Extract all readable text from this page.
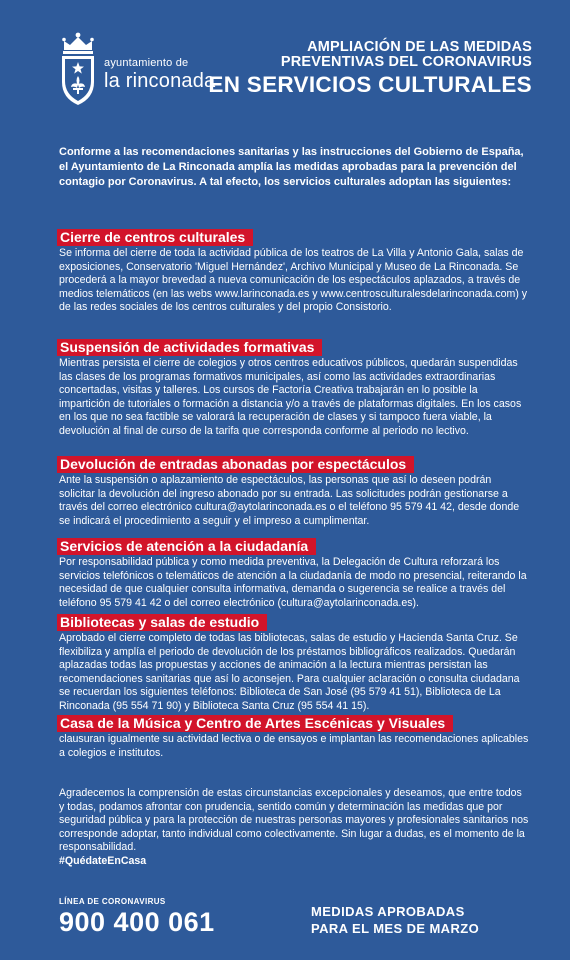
ayuntamiento de
la rinconada
AMPLIACIÓN DE LAS MEDIDAS
PREVENTIVAS DEL CORONAVIRUS
EN SERVICIOS CULTURALES
Conforme a las recomendaciones sanitarias y las instrucciones del Gobierno de España, el Ayuntamiento de La Rinconada amplía las medidas aprobadas para la prevención del contagio por Coronavirus. A tal efecto, los servicios culturales adoptan las siguientes:
Cierre de centros culturales

Se informa del cierre de toda la actividad pública de los teatros de La Villa y Antonio Gala, salas de exposiciones, Conservatorio 'Miguel Hernández', Archivo Municipal y Museo de La Rinconada. Se procederá a la mayor brevedad a nueva comunicación de los espectáculos aplazados, a través de medios telemáticos (en las webs www.larinconada.es y www.centrosculturalesdelarinconada.com) y de las redes sociales de los centros culturales y del propio Consistorio.

Suspensión de actividades formativas

Mientras persista el cierre de colegios y otros centros educativos públicos, quedarán suspendidas las clases de los programas formativos municipales, así como las actividades extraordinarias concertadas, visitas y talleres. Los cursos de Factoría Creativa trabajarán en lo posible la impartición de tutoriales o formación a distancia y/o a través de plataformas digitales. En los casos en los que no sea factible se valorará la recuperación de clases y si tampoco fuera viable, la devolución al final de curso de la tarifa que corresponda conforme al periodo no lectivo.

Devolución de entradas abonadas por espectáculos

Ante la suspensión o aplazamiento de espectáculos, las personas que así lo deseen podrán solicitar la devolución del ingreso abonado por su entrada. Las solicitudes podrán gestionarse a través del correo electrónico cultura@aytolarinconada.es o el teléfono 95 579 41 42, desde donde se indicará el procedimiento a seguir y el impreso a cumplimentar.

Servicios de atención a la ciudadanía

Por responsabilidad pública y como medida preventiva, la Delegación de Cultura reforzará los servicios telefónicos o telemáticos de atención a la ciudadanía de modo no presencial, reiterando la necesidad de que cualquier consulta informativa, demanda o sugerencia se realice a través del teléfono 95 579 41 42 o del correo electrónico (cultura@aytolarinconada.es).

Bibliotecas y salas de estudio

Aprobado el cierre completo de todas las bibliotecas, salas de estudio y Hacienda Santa Cruz. Se flexibiliza y amplía el periodo de devolución de los préstamos bibliográficos realizados. Quedarán aplazadas todas las propuestas y acciones de animación a la lectura mientras persistan las recomendaciones sanitarias que así lo aconsejen. Para cualquier aclaración o consulta ciudadana se recuerdan los siguientes teléfonos: Biblioteca de San José (95 579 41 51), Biblioteca de La Rinconada (95 554 71 90) y Biblioteca Santa Cruz (95 554 41 15).

Casa de la Música y Centro de Artes Escénicas y Visuales

clausuran igualmente su actividad lectiva o de ensayos e implantan las recomendaciones aplicables a colegios e institutos.

Agradecemos la comprensión de estas circunstancias excepcionales y deseamos, que entre todos y todas, podamos afrontar con prudencia, sentido común y determinación las medidas que por seguridad pública y para la protección de nuestras personas mayores y profesionales sanitarios nos corresponde adoptar, tanto individual como colectivamente. Sin lugar a dudas, es el momento de la responsabilidad.
#QuédateEnCasa
LÍNEA DE CORONAVIRUS
900 400 061	MEDIDAS APROBADAS
PARA EL MES DE MARZO
